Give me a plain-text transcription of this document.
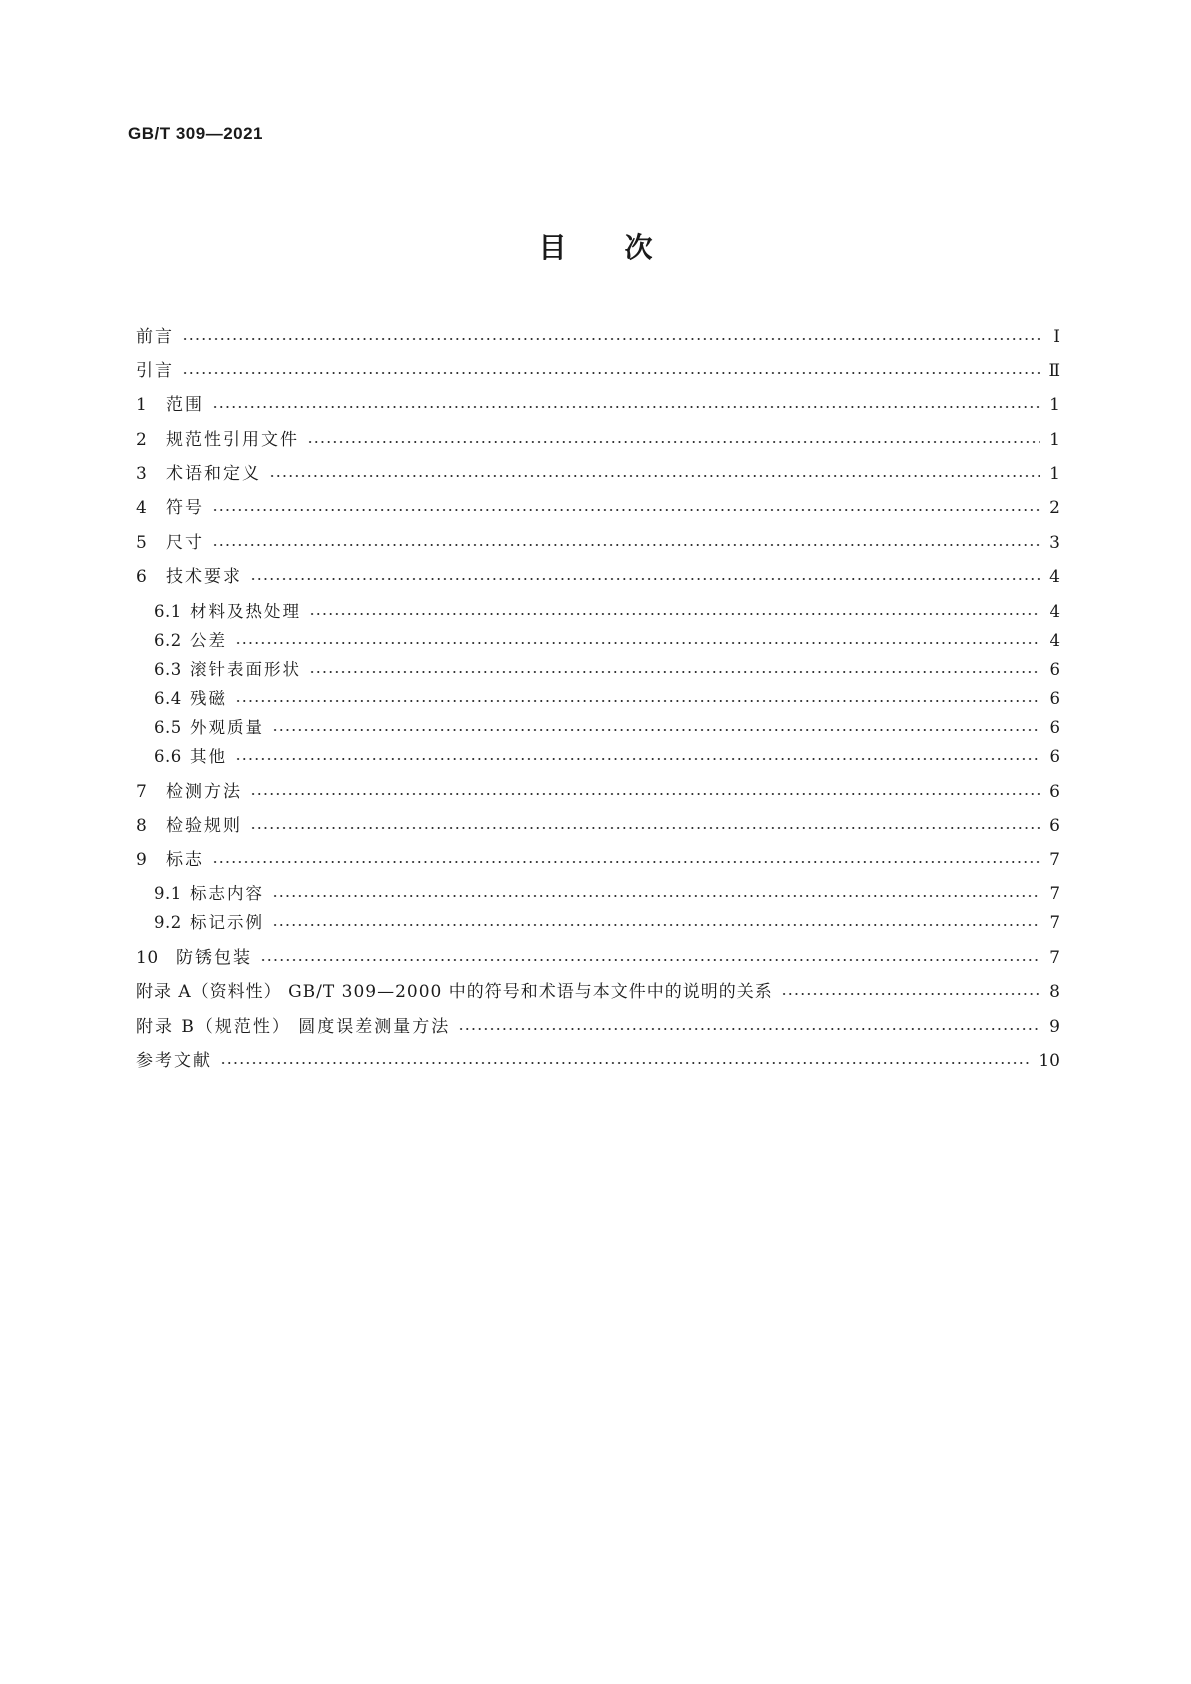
GB/T 309—2021
目次
前言	Ⅰ
引言	Ⅱ
1	范围	1
2	规范性引用文件	1
3	术语和定义	1
4	符号	2
5	尺寸	3
6	技术要求	4
6.1 材料及热处理	4
6.2 公差	4
6.3 滚针表面形状	6
6.4 残磁	6
6.5 外观质量	6
6.6 其他	6
7	检测方法	6
8	检验规则	6
9	标志	7
9.1 标志内容	7
9.2 标记示例	7
10	防锈包装	7
附录 A（资料性） GB/T 309—2000 中的符号和术语与本文件中的说明的关系	8
附录 B（规范性） 圆度误差测量方法	9
参考文献	10
